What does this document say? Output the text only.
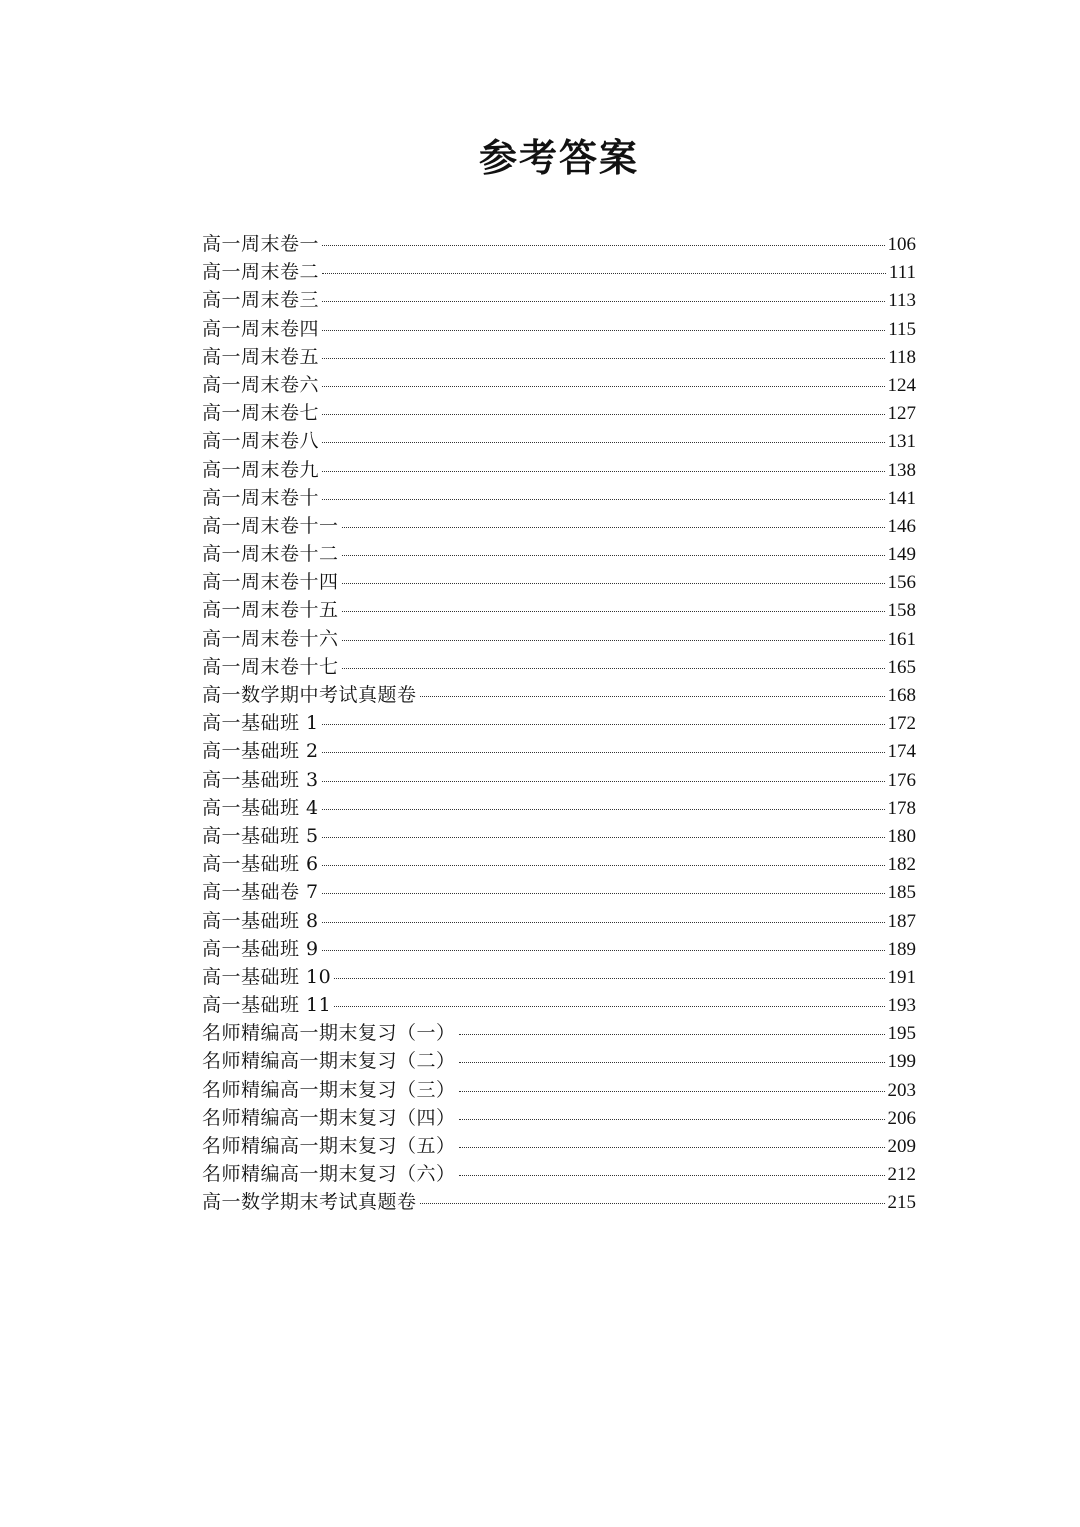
参考答案
高一周末卷一	106
高一周末卷二	111
高一周末卷三	113
高一周末卷四	115
高一周末卷五	118
高一周末卷六	124
高一周末卷七	127
高一周末卷八	131
高一周末卷九	138
高一周末卷十	141
高一周末卷十一	146
高一周末卷十二	149
高一周末卷十四	156
高一周末卷十五	158
高一周末卷十六	161
高一周末卷十七	165
高一数学期中考试真题卷	168
高一基础班 1	172
高一基础班 2	174
高一基础班 3	176
高一基础班 4	178
高一基础班 5	180
高一基础班 6	182
高一基础卷 7	185
高一基础班 8	187
高一基础班 9	189
高一基础班 10	191
高一基础班 11	193
名师精编高一期末复习（一）	195
名师精编高一期末复习（二）	199
名师精编高一期末复习（三）	203
名师精编高一期末复习（四）	206
名师精编高一期末复习（五）	209
名师精编高一期末复习（六）	212
高一数学期末考试真题卷	215
